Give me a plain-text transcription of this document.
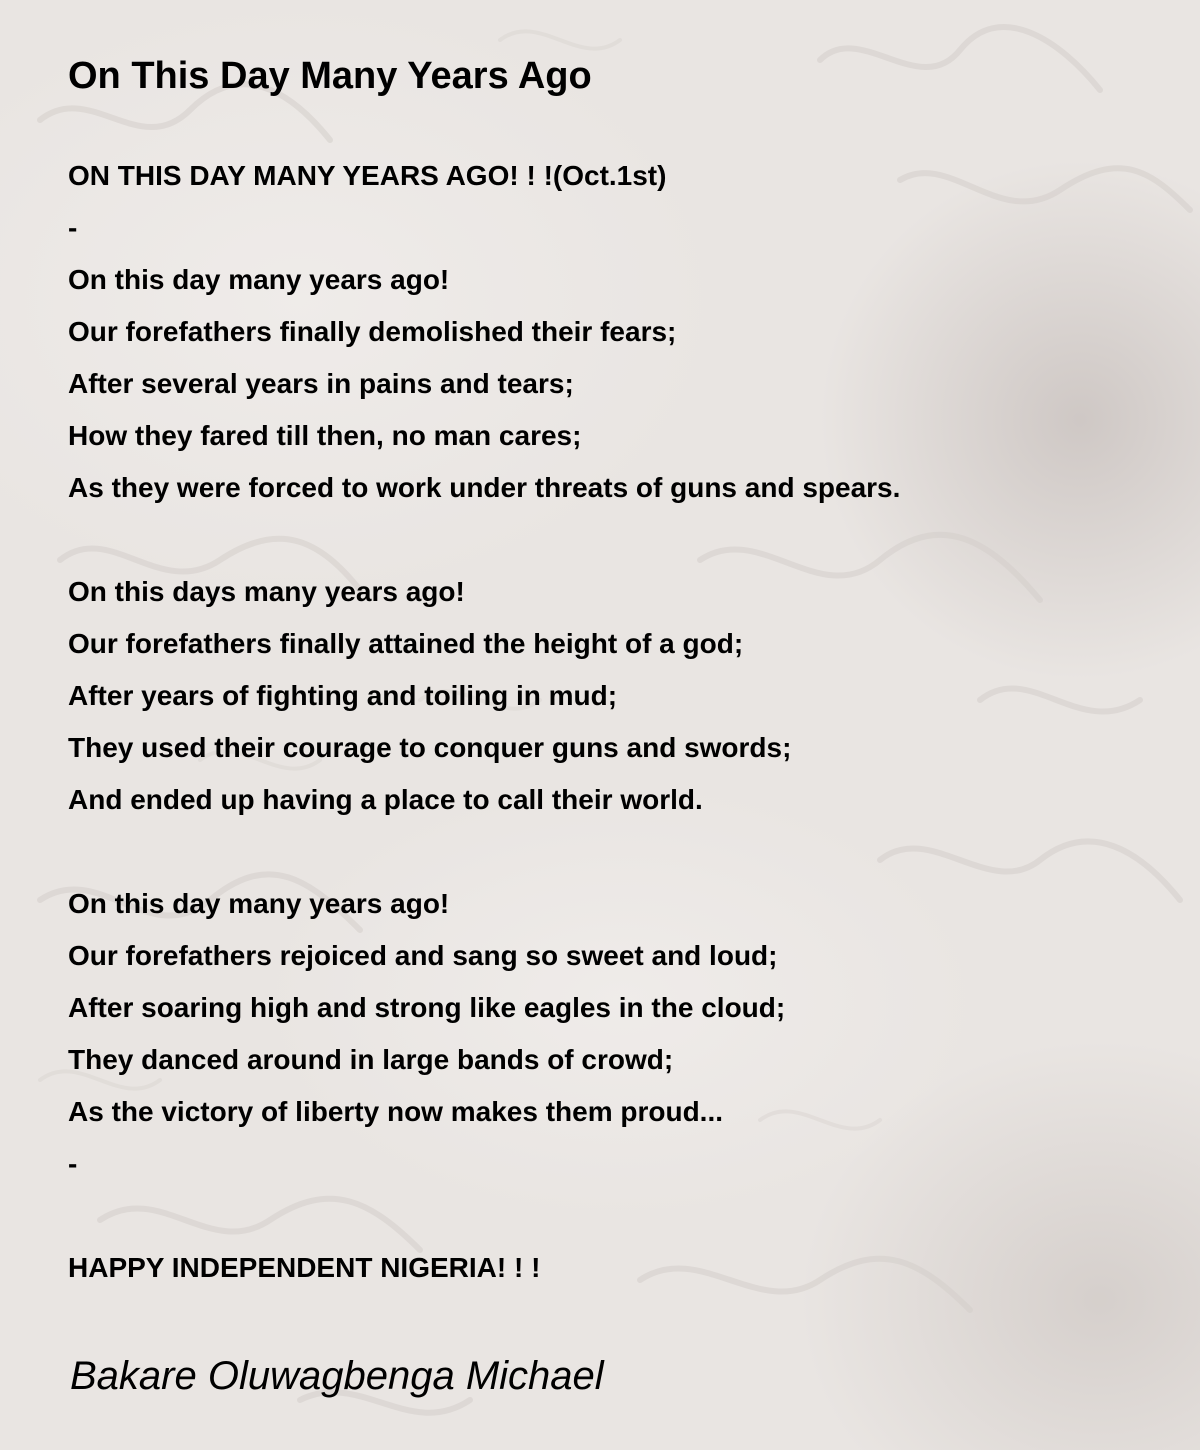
On This Day Many Years Ago
ON THIS DAY MANY YEARS AGO! ! !(Oct.1st)
-
On this day many years ago!
Our forefathers finally demolished their fears;
After several years in pains and tears;
How they fared till then, no man cares;
As they were forced to work under threats of guns and spears.
On this days many years ago!
Our forefathers finally attained the height of a god;
After years of fighting and toiling in mud;
They used their courage to conquer guns and swords;
And ended up having a place to call their world.
On this day many years ago!
Our forefathers rejoiced and sang so sweet and loud;
After soaring high and strong like eagles in the cloud;
They danced around in large bands of crowd;
As the victory of liberty now makes them proud...
-
HAPPY INDEPENDENT NIGERIA! ! !

Bakare Oluwagbenga Michael
